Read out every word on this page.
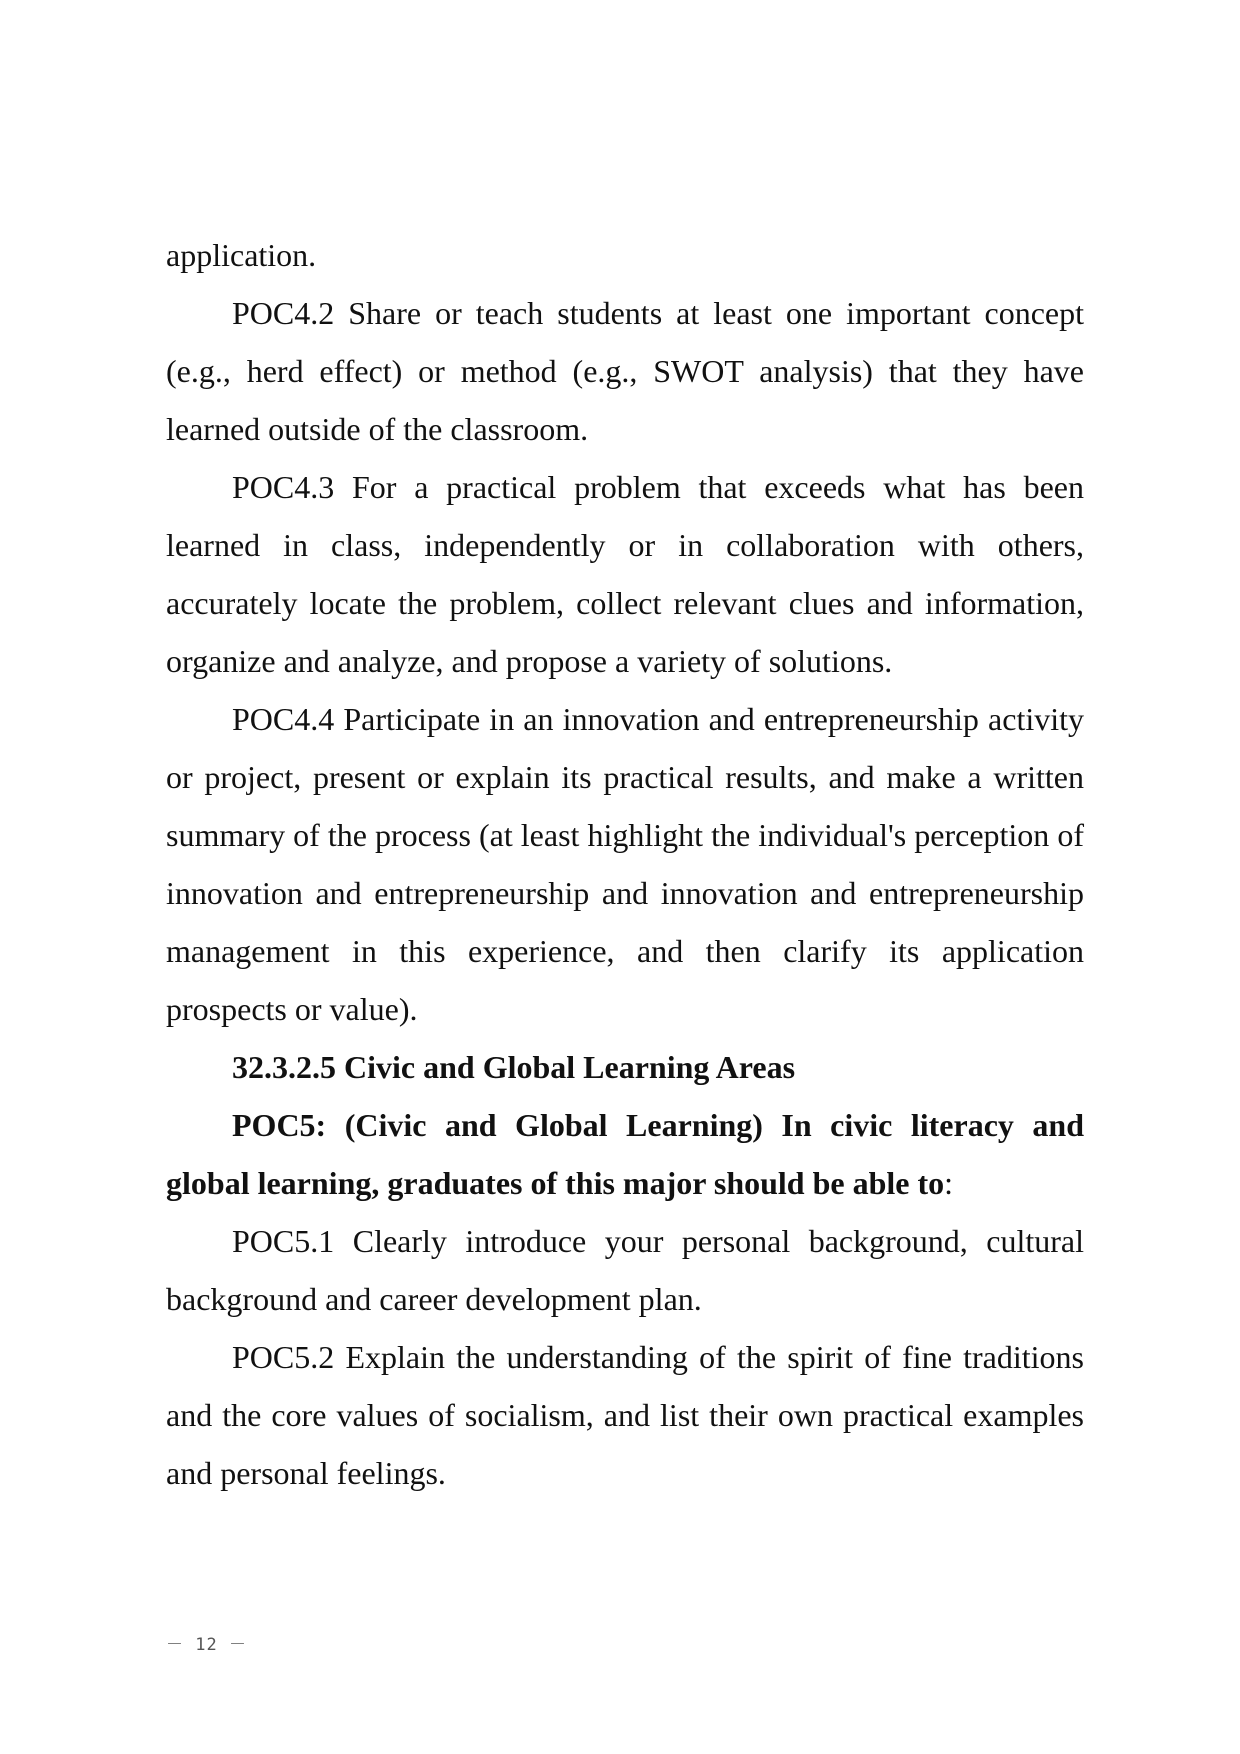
application.

POC4.2 Share or teach students at least one important concept (e.g., herd effect) or method (e.g., SWOT analysis) that they have learned outside of the classroom.

POC4.3 For a practical problem that exceeds what has been learned in class, independently or in collaboration with others, accurately locate the problem, collect relevant clues and information, organize and analyze, and propose a variety of solutions.

POC4.4 Participate in an innovation and entrepreneurship activity or project, present or explain its practical results, and make a written summary of the process (at least highlight the individual's perception of innovation and entrepreneurship and innovation and entrepreneurship management in this experience, and then clarify its application prospects or value).

32.3.2.5 Civic and Global Learning Areas

POC5: (Civic and Global Learning) In civic literacy and global learning, graduates of this major should be able to:

POC5.1 Clearly introduce your personal background, cultural background and career development plan.

POC5.2 Explain the understanding of the spirit of fine traditions and the core values of socialism, and list their own practical examples and personal feelings.

－ 12 －
